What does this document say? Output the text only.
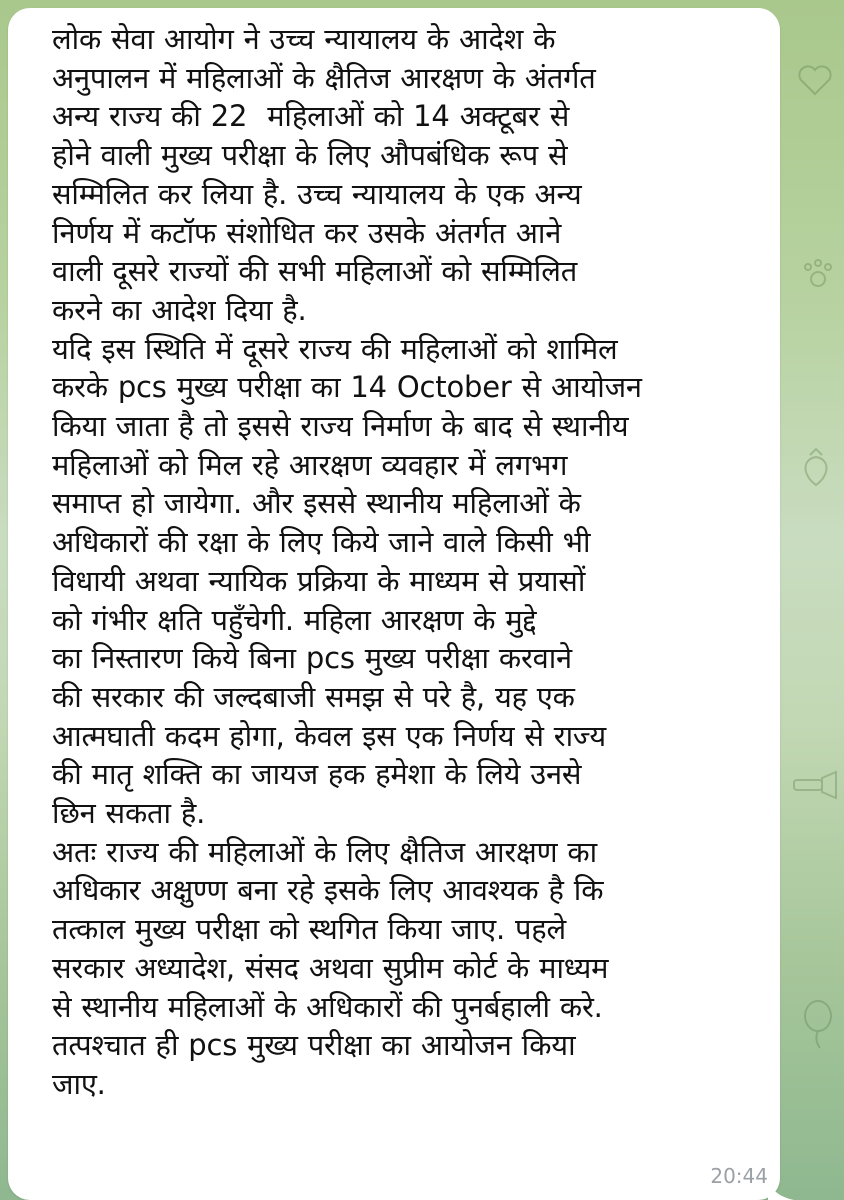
लोक सेवा आयोग ने उच्च न्यायालय के आदेश के
अनुपालन में महिलाओं के क्षैतिज आरक्षण के अंतर्गत
अन्य राज्य की 22  महिलाओं को 14 अक्टूबर से
होने वाली मुख्य परीक्षा के लिए औपबंधिक रूप से
सम्मिलित कर लिया है. उच्च न्यायालय के एक अन्य
निर्णय में कटॉफ संशोधित कर उसके अंतर्गत आने
वाली दूसरे राज्यों की सभी महिलाओं को सम्मिलित
करने का आदेश दिया है.
यदि इस स्थिति में दूसरे राज्य की महिलाओं को शामिल
करके pcs मुख्य परीक्षा का 14 October से आयोजन
किया जाता है तो इससे राज्य निर्माण के बाद से स्थानीय
महिलाओं को मिल रहे आरक्षण व्यवहार में लगभग
समाप्त हो जायेगा. और इससे स्थानीय महिलाओं के
अधिकारों की रक्षा के लिए किये जाने वाले किसी भी
विधायी अथवा न्यायिक प्रक्रिया के माध्यम से प्रयासों
को गंभीर क्षति पहुँचेगी. महिला आरक्षण के मुद्दे
का निस्तारण किये बिना pcs मुख्य परीक्षा करवाने
की सरकार की जल्दबाजी समझ से परे है, यह एक
आत्मघाती कदम होगा, केवल इस एक निर्णय से राज्य
की मातृ शक्ति का जायज हक हमेशा के लिये उनसे
छिन सकता है.
अतः राज्य की महिलाओं के लिए क्षैतिज आरक्षण का
अधिकार अक्षुण्ण बना रहे इसके लिए आवश्यक है कि
तत्काल मुख्य परीक्षा को स्थगित किया जाए. पहले
सरकार अध्यादेश, संसद अथवा सुप्रीम कोर्ट के माध्यम
से स्थानीय महिलाओं के अधिकारों की पुनर्बहाली करे.
तत्पश्चात ही pcs मुख्य परीक्षा का आयोजन किया
जाए.
20:44
